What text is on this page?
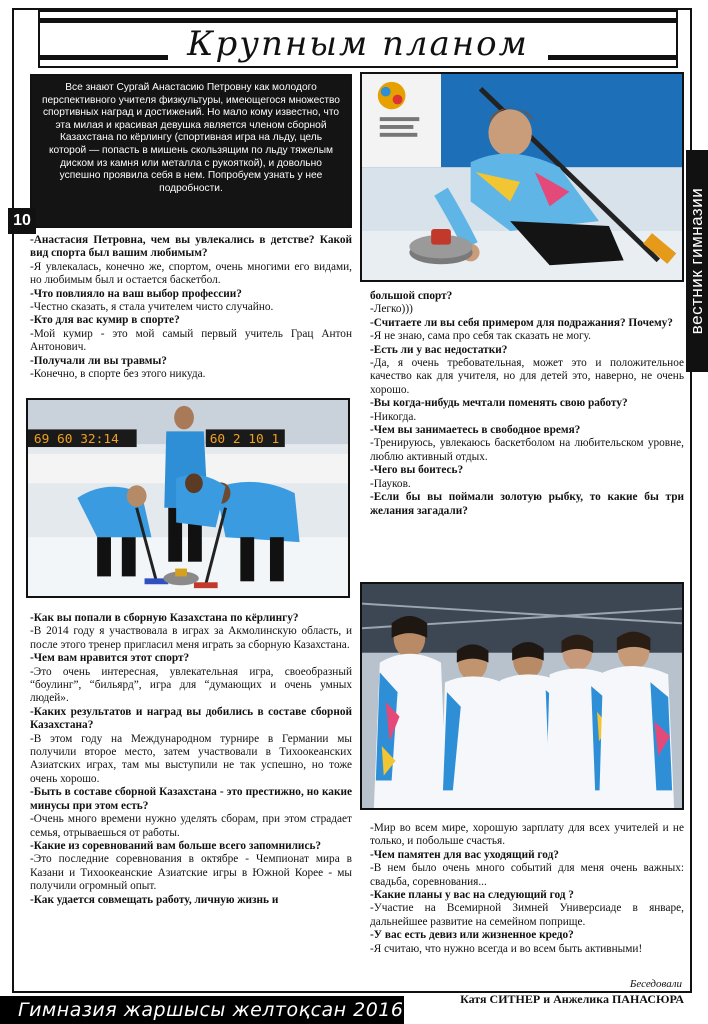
Крупным планом

Все знают Сургай Анастасию Петровну как молодого перспективного учителя физкультуры, имеющегося множество спортивных наград и достижений. Но мало кому известно, что эта милая и красивая девушка является членом сборной Казахстана по кёрлингу (спортивная игра на льду, цель которой — попасть в мишень скользящим по льду тяжелым диском из камня или металла с рукояткой), и довольно успешно проявила себя в нем. Попробуем узнать у нее подробности.

10	вестник гимназии
69 60 32:14	60 2 10 1

-Анастасия Петровна, чем вы увлекались в детстве? Какой вид спорта был вашим любимым?

-Я увлекалась, конечно же, спортом, очень многими его видами, но любимым был и остается баскетбол.

-Что повлияло на ваш выбор профессии?

-Честно сказать, я стала учителем чисто случайно.

-Кто для вас кумир в спорте?

-Мой кумир - это мой самый первый учитель Грац Антон Антонович.

-Получали ли вы травмы?

-Конечно, в спорте без этого никуда.

-Как вы попали в сборную Казахстана по кёрлингу?

-В 2014 году я участвовала в играх за Акмолинскую область, и после этого тренер пригласил меня играть за сборную Казахстана.

-Чем вам нравится этот спорт?

-Это очень интересная, увлекательная игра, своеобразный “боулинг”, “бильярд”, игра для “думающих и очень умных людей».

-Каких результатов и наград вы добились в составе сборной Казахстана?

-В этом году на Международном турнире в Германии мы получили второе место, затем участвовали в Тихоокеанских Азиатских играх, там мы выступили не так успешно, но тоже очень хорошо.

-Быть в составе сборной Казахстана - это престижно, но какие минусы при этом есть?

-Очень много времени нужно уделять сборам, при этом страдает семья, отрываешься от работы.

-Какие из соревнований вам больше всего запомнились?

-Это последние соревнования в октябре - Чемпионат мира в Казани и Тихоокеанские Азиатские игры в Южной Корее - мы получили огромный опыт.

-Как удается совмещать работу, личную жизнь и

большой спорт?

-Легко)))

-Считаете ли вы себя примером для подражания? Почему?

-Я не знаю, сама про себя так сказать не могу.

-Есть ли у вас недостатки?

-Да, я очень требовательная, может это и положительное качество как для учителя, но для детей это, наверно, не очень хорошо.

-Вы когда-нибудь мечтали поменять свою работу?

-Никогда.

-Чем вы занимаетесь в свободное время?

-Тренируюсь, увлекаюсь баскетболом на любительском уровне, люблю активный отдых.

-Чего вы боитесь?

-Пауков.

-Если бы вы поймали золотую рыбку, то какие бы три желания загадали?

-Мир во всем мире, хорошую зарплату для всех учителей и не только, и побольше счастья.

-Чем памятен для вас уходящий год?

-В нем было очень много событий для меня очень важных: свадьба, соревнования...

-Какие планы у вас на следующий год ?

-Участие на Всемирной Зимней Универсиаде в январе, дальнейшее развитие на семейном поприще.

-У вас есть девиз или жизненное кредо?

-Я считаю, что нужно всегда и во всем быть активными!

Беседовали
Катя СИТНЕР и Анжелика ПАНАСЮРА
Гимназия жаршысы желтоқсан 2016 ж
